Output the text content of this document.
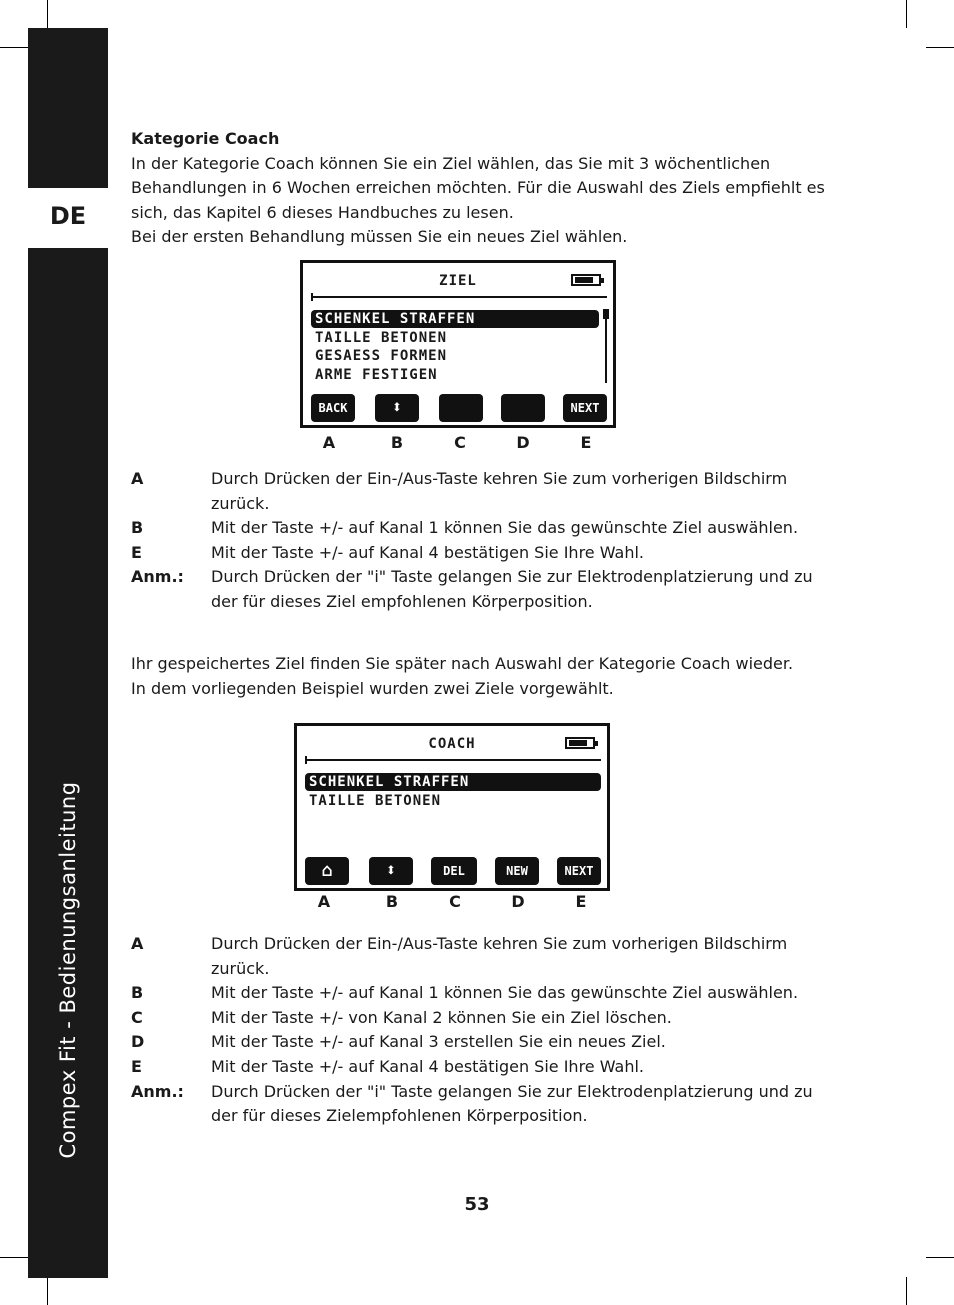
DE
Compex Fit - Bedienungsanleitung

Kategorie Coach

In der Kategorie Coach können Sie ein Ziel wählen, das Sie mit 3 wöchentlichen Behandlungen in 6 Wochen erreichen möchten. Für die Auswahl des Ziels empfiehlt es sich, das Kapitel 6 dieses Handbuches zu lesen.

Bei der ersten Behandlung müssen Sie ein neues Ziel wählen.

ZIEL
SCHENKEL STRAFFEN
TAILLE BETONEN
GESAESS FORMEN
ARME FESTIGEN
BACK	⬍	NEXT
A	B	C	D	E
A	Durch Drücken der Ein-/Aus-Taste kehren Sie zum vorherigen Bildschirm zurück.
B	Mit der Taste +/- auf Kanal 1 können Sie das gewünschte Ziel auswählen.
E	Mit der Taste +/- auf Kanal 4 bestätigen Sie Ihre Wahl.
Anm.: Durch Drücken der "i" Taste gelangen Sie zur Elektrodenplatzierung und zu der für dieses Ziel empfohlenen Körperposition.

Ihr gespeichertes Ziel finden Sie später nach Auswahl der Kategorie Coach wieder.

In dem vorliegenden Beispiel wurden zwei Ziele vorgewählt.

COACH
SCHENKEL STRAFFEN
TAILLE BETONEN
⌂	⬍	DEL	NEW	NEXT
A	B	C	D	E
A	Durch Drücken der Ein-/Aus-Taste kehren Sie zum vorherigen Bildschirm zurück.
B	Mit der Taste +/- auf Kanal 1 können Sie das gewünschte Ziel auswählen.
C	Mit der Taste +/- von Kanal 2 können Sie ein Ziel löschen.
D	Mit der Taste +/- auf Kanal 3 erstellen Sie ein neues Ziel.
E	Mit der Taste +/- auf Kanal 4 bestätigen Sie Ihre Wahl.
Anm.: Durch Drücken der "i" Taste gelangen Sie zur Elektrodenplatzierung und zu der für dieses Zielempfohlenen Körperposition.
53
